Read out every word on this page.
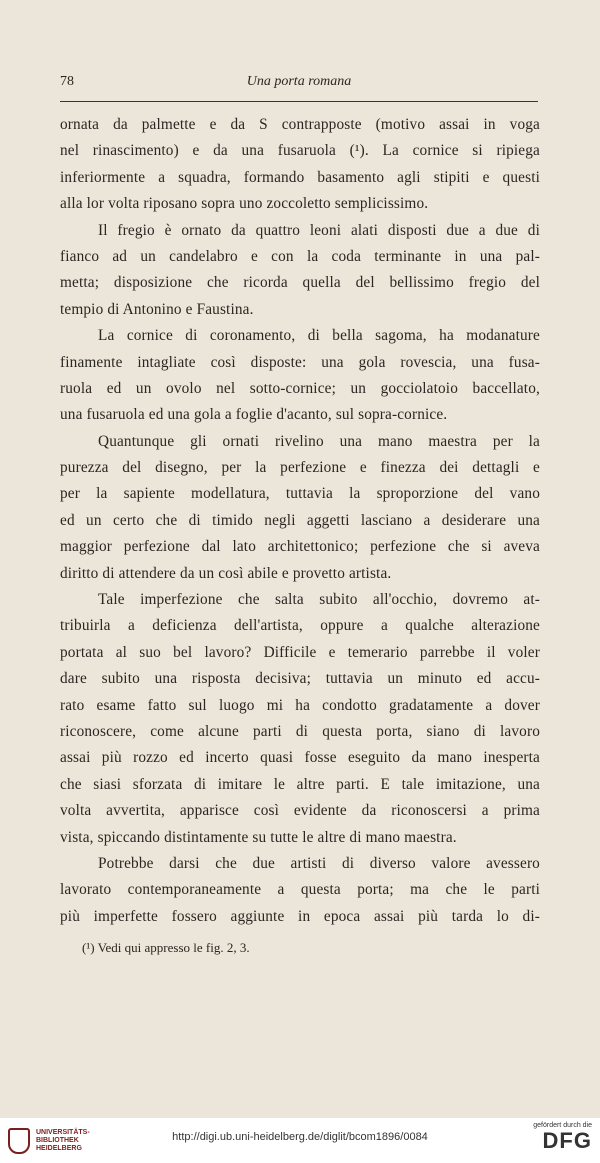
78	Una porta romana
ornata da palmette e da S contrapposte (motivo assai in voga
nel rinascimento) e da una fusaruola (¹). La cornice si ripiega
inferiormente a squadra, formando basamento agli stipiti e questi
alla lor volta riposano sopra uno zoccoletto semplicissimo.
Il fregio è ornato da quattro leoni alati disposti due a due di
fianco ad un candelabro e con la coda terminante in una pal-
metta; disposizione che ricorda quella del bellissimo fregio del
tempio di Antonino e Faustina.
La cornice di coronamento, di bella sagoma, ha modanature
finamente intagliate così disposte: una gola rovescia, una fusa-
ruola ed un ovolo nel sotto-cornice; un gocciolatoio baccellato,
una fusaruola ed una gola a foglie d'acanto, sul sopra-cornice.
Quantunque gli ornati rivelino una mano maestra per la
purezza del disegno, per la perfezione e finezza dei dettagli e
per la sapiente modellatura, tuttavia la sproporzione del vano
ed un certo che di timido negli aggetti lasciano a desiderare una
maggior perfezione dal lato architettonico; perfezione che si aveva
diritto di attendere da un così abile e provetto artista.
Tale imperfezione che salta subito all'occhio, dovremo at-
tribuirla a deficienza dell'artista, oppure a qualche alterazione
portata al suo bel lavoro? Difficile e temerario parrebbe il voler
dare subito una risposta decisiva; tuttavia un minuto ed accu-
rato esame fatto sul luogo mi ha condotto gradatamente a dover
riconoscere, come alcune parti di questa porta, siano di lavoro
assai più rozzo ed incerto quasi fosse eseguito da mano inesperta
che siasi sforzata di imitare le altre parti. E tale imitazione, una
volta avvertita, apparisce così evidente da riconoscersi a prima
vista, spiccando distintamente su tutte le altre di mano maestra.
Potrebbe darsi che due artisti di diverso valore avessero
lavorato contemporaneamente a questa porta; ma che le parti
più imperfette fossero aggiunte in epoca assai più tarda lo di-
(¹) Vedi qui appresso le fig. 2, 3.
UNIVERSITÄTS-
BIBLIOTHEK
HEIDELBERG
http://digi.ub.uni-heidelberg.de/diglit/bcom1896/0084
gefördert durch die
DFG
